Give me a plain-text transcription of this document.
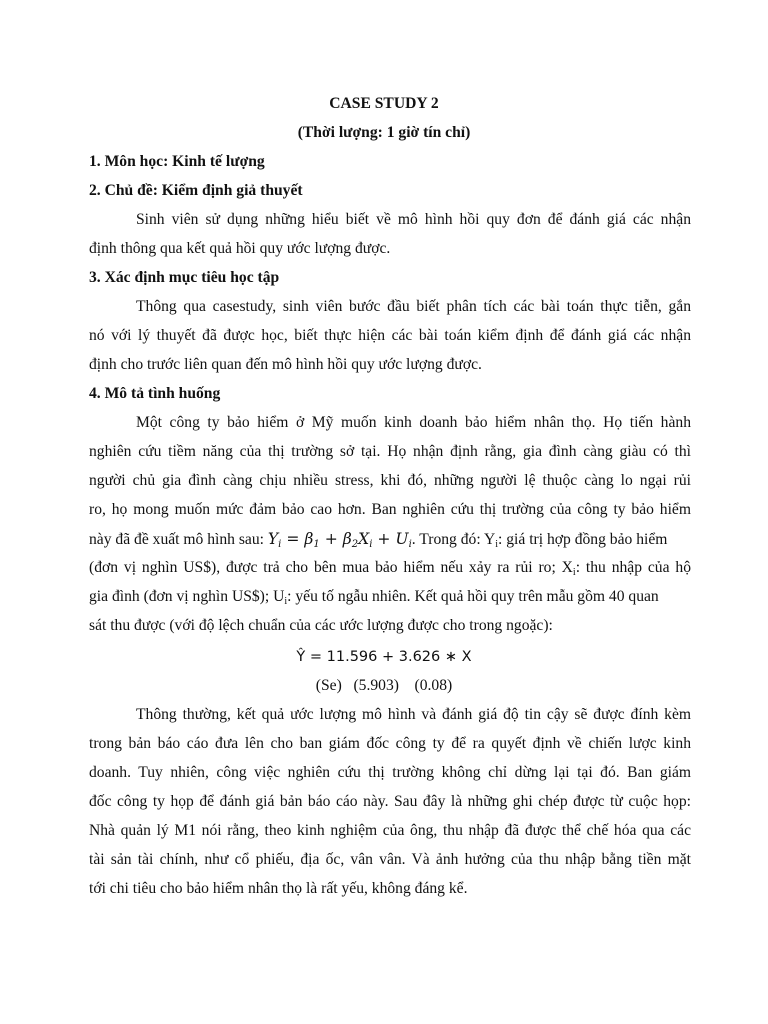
CASE STUDY 2
(Thời lượng: 1 giờ tín chỉ)
1. Môn học: Kinh tế lượng
2. Chủ đề: Kiểm định giả thuyết
Sinh viên sử dụng những hiểu biết về mô hình hồi quy đơn để đánh giá các nhận
định thông qua kết quả hồi quy ước lượng được.
3. Xác định mục tiêu học tập
Thông qua casestudy, sinh viên bước đầu biết phân tích các bài toán thực tiễn, gắn
nó với lý thuyết đã được học, biết thực hiện các bài toán kiểm định để đánh giá các nhận
định cho trước liên quan đến mô hình hồi quy ước lượng được.
4. Mô tả tình huống
Một công ty bảo hiểm ở Mỹ muốn kinh doanh bảo hiểm nhân thọ. Họ tiến hành
nghiên cứu tiềm năng của thị trường sở tại. Họ nhận định rằng, gia đình càng giàu có thì
người chủ gia đình càng chịu nhiều stress, khi đó, những người lệ thuộc càng lo ngại rủi
ro, họ mong muốn mức đảm bảo cao hơn. Ban nghiên cứu thị trường của công ty bảo hiểm
này đã đề xuất mô hình sau: $Y_i = \beta_1 + \beta_2X_i + U_i$. Trong đó: $Y_i$: giá trị hợp đồng bảo hiểm
(đơn vị nghìn US$), được trả cho bên mua bảo hiểm nếu xảy ra rủi ro; $X_i$: thu nhập của hộ
gia đình (đơn vị nghìn US$); $U_i$: yếu tố ngẫu nhiên. Kết quả hồi quy trên mẫu gồm 40 quan
sát thu được (với độ lệch chuẩn của các ước lượng được cho trong ngoặc):
Ŷ = 11.596 + 3.626 ∗ X
(Se)   (5.903)    (0.08)
Thông thường, kết quả ước lượng mô hình và đánh giá độ tin cậy sẽ được đính kèm
trong bản báo cáo đưa lên cho ban giám đốc công ty để ra quyết định về chiến lược kinh
doanh. Tuy nhiên, công việc nghiên cứu thị trường không chỉ dừng lại tại đó. Ban giám
đốc công ty họp để đánh giá bản báo cáo này. Sau đây là những ghi chép được từ cuộc họp:
Nhà quản lý M1 nói rằng, theo kinh nghiệm của ông, thu nhập đã được thể chế hóa qua các
tài sản tài chính, như cổ phiếu, địa ốc, vân vân. Và ảnh hưởng của thu nhập bằng tiền mặt
tới chi tiêu cho bảo hiểm nhân thọ là rất yếu, không đáng kể.
